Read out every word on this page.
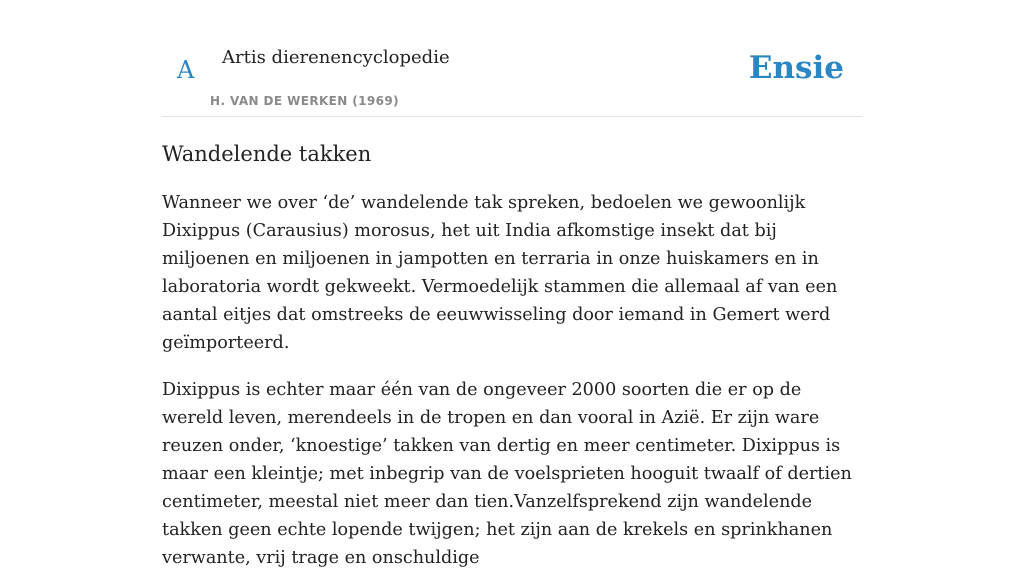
A Artis dierenencyclopedie
H. VAN DE WERKEN (1969)
Ensie
Wandelende takken

Wanneer we over ‘de’ wandelende tak spreken, bedoelen we gewoonlijk Dixippus (Carausius) morosus, het uit India afkomstige insekt dat bij miljoenen en miljoenen in jampotten en terraria in onze huiskamers en in laboratoria wordt gekweekt. Vermoedelijk stammen die allemaal af van een aantal eitjes dat omstreeks de eeuwwisseling door iemand in Gemert werd geïmporteerd.

Dixippus is echter maar één van de ongeveer 2000 soorten die er op de wereld leven, merendeels in de tropen en dan vooral in Azië. Er zijn ware reuzen onder, ‘knoestige’ takken van dertig en meer centimeter. Dixippus is maar een kleintje; met inbegrip van de voelsprieten hooguit twaalf of dertien centimeter, meestal niet meer dan tien.Vanzelfsprekend zijn wandelende takken geen echte lopende twijgen; het zijn aan de krekels en sprinkhanen verwante, vrij trage en onschuldige
